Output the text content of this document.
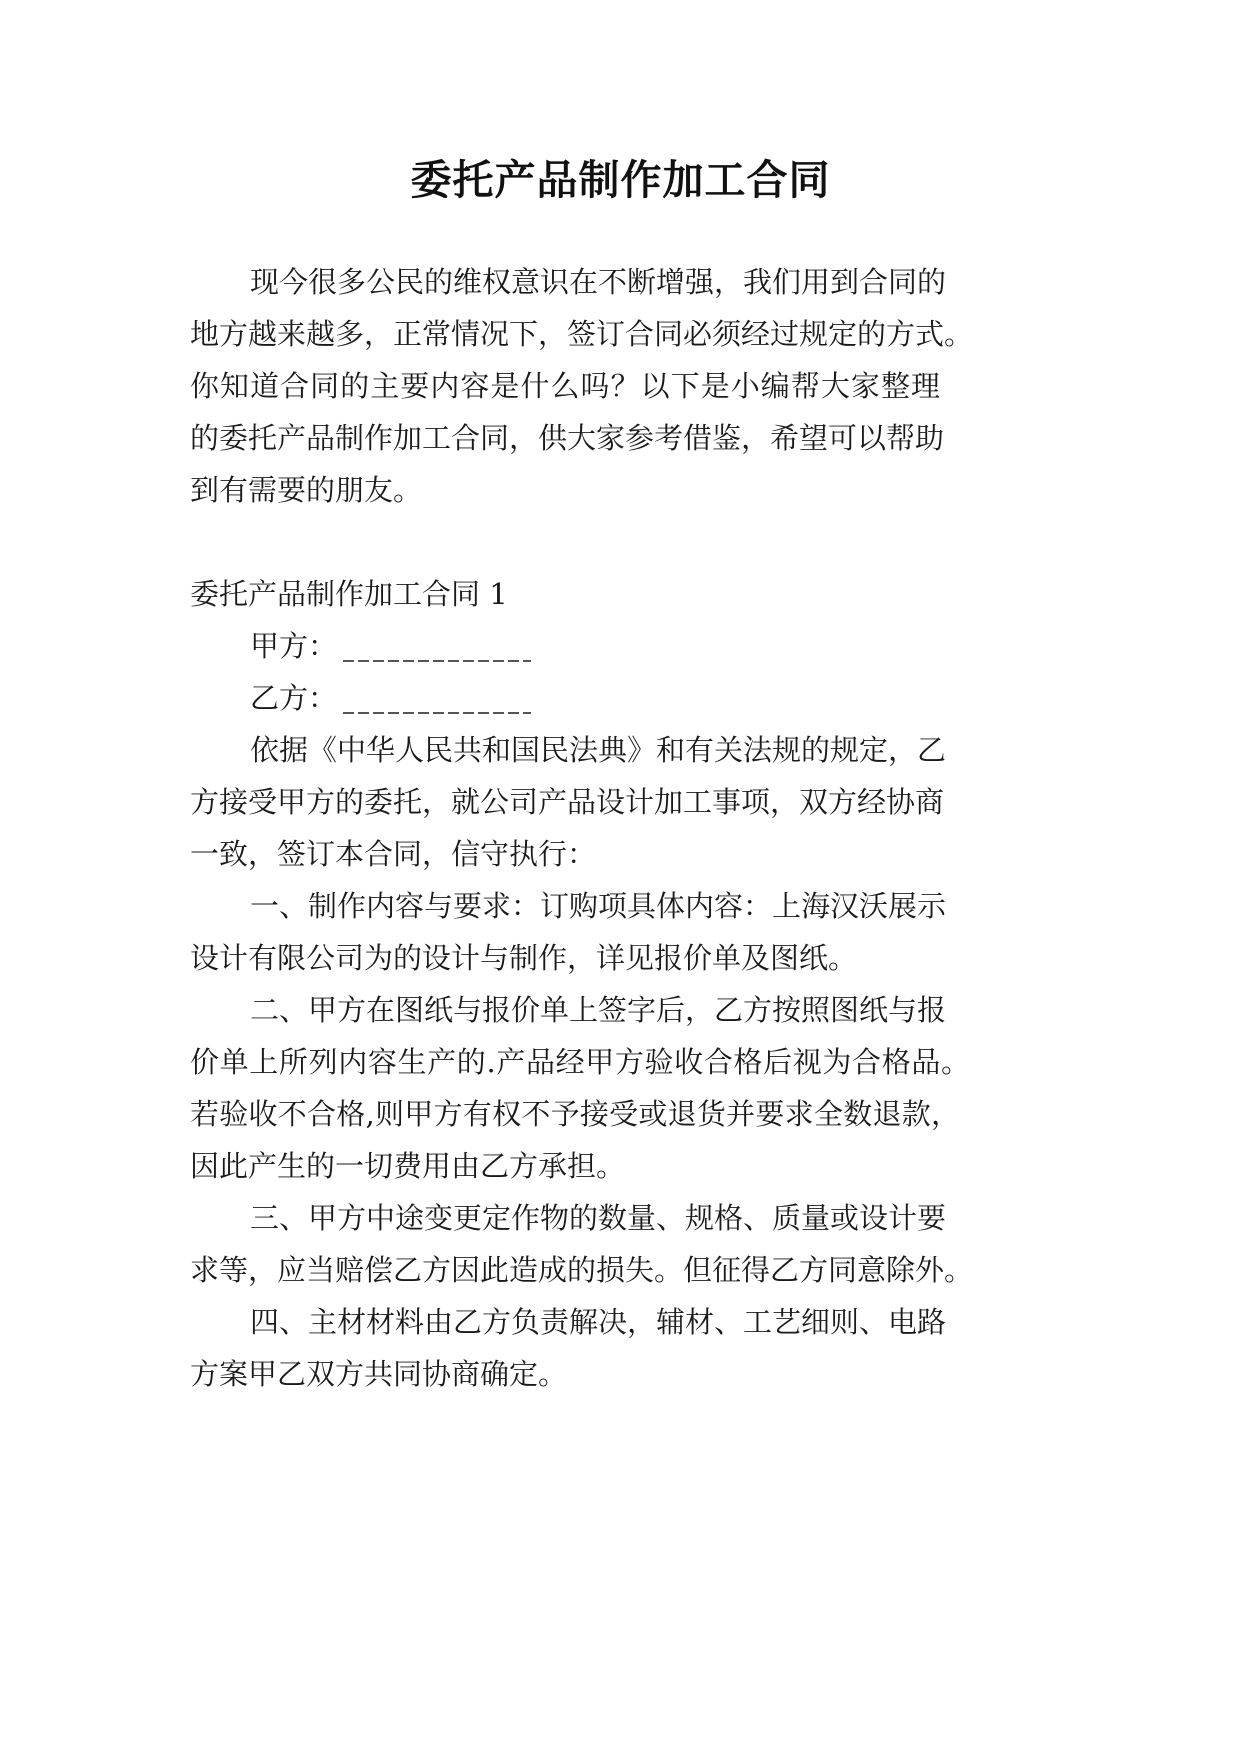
委托产品制作加工合同
现今很多公民的维权意识在不断增强，我们用到合同的
地方越来越多，正常情况下，签订合同必须经过规定的方式。
你知道合同的主要内容是什么吗？以下是小编帮大家整理
的委托产品制作加工合同，供大家参考借鉴，希望可以帮助
到有需要的朋友。
委托产品制作加工合同 1
甲方：
乙方：
依据《中华人民共和国民法典》和有关法规的规定，乙
方接受甲方的委托，就公司产品设计加工事项，双方经协商
一致，签订本合同，信守执行：
一、制作内容与要求：订购项具体内容：上海汉沃展示
设计有限公司为的设计与制作，详见报价单及图纸。
二、甲方在图纸与报价单上签字后，乙方按照图纸与报
价单上所列内容生产的.产品经甲方验收合格后视为合格品。
若验收不合格,则甲方有权不予接受或退货并要求全数退款，
因此产生的一切费用由乙方承担。
三、甲方中途变更定作物的数量、规格、质量或设计要
求等，应当赔偿乙方因此造成的损失。但征得乙方同意除外。
四、主材材料由乙方负责解决，辅材、工艺细则、电路
方案甲乙双方共同协商确定。
